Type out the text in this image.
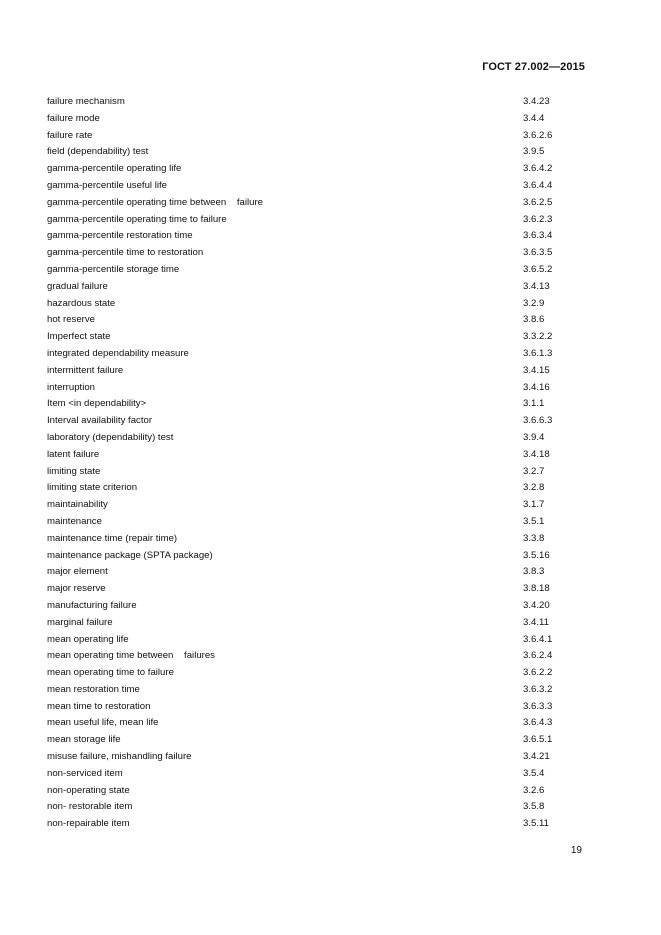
ГОСТ 27.002—2015
failure mechanism	3.4.23
failure mode	3.4.4
failure rate	3.6.2.6
field (dependability) test	3.9.5
gamma-percentile operating life	3.6.4.2
gamma-percentile useful life	3.6.4.4
gamma-percentile operating time between    failure	3.6.2.5
gamma-percentile operating time to failure	3.6.2.3
gamma-percentile restoration time	3.6.3.4
gamma-percentile time to restoration	3.6.3.5
gamma-percentile storage time	3.6.5.2
gradual failure	3.4.13
hazardous state	3.2.9
hot reserve	3.8.6
Imperfect state	3.3.2.2
integrated dependability measure	3.6.1.3
intermittent failure	3.4.15
interruption	3.4.16
Item <in dependability>	3.1.1
Interval availability factor	3.6.6.3
laboratory (dependability) test	3.9.4
latent failure	3.4.18
limiting state	3.2.7
limiting state criterion	3.2.8
maintainability	3.1.7
maintenance	3.5.1
maintenance time (repair time)	3.3.8
maintenance package (SPTA package)	3.5.16
major element	3.8.3
major reserve	3.8.18
manufacturing failure	3.4.20
marginal failure	3.4.11
mean operating life	3.6.4.1
mean operating time between    failures	3.6.2.4
mean operating time to failure	3.6.2.2
mean restoration time	3.6.3.2
mean time to restoration	3.6.3.3
mean useful life, mean life	3.6.4.3
mean storage life	3.6.5.1
misuse failure, mishandling failure	3.4.21
non-serviced item	3.5.4
non-operating state	3.2.6
non- restorable item	3.5.8
non-repairable item	3.5.11
19
